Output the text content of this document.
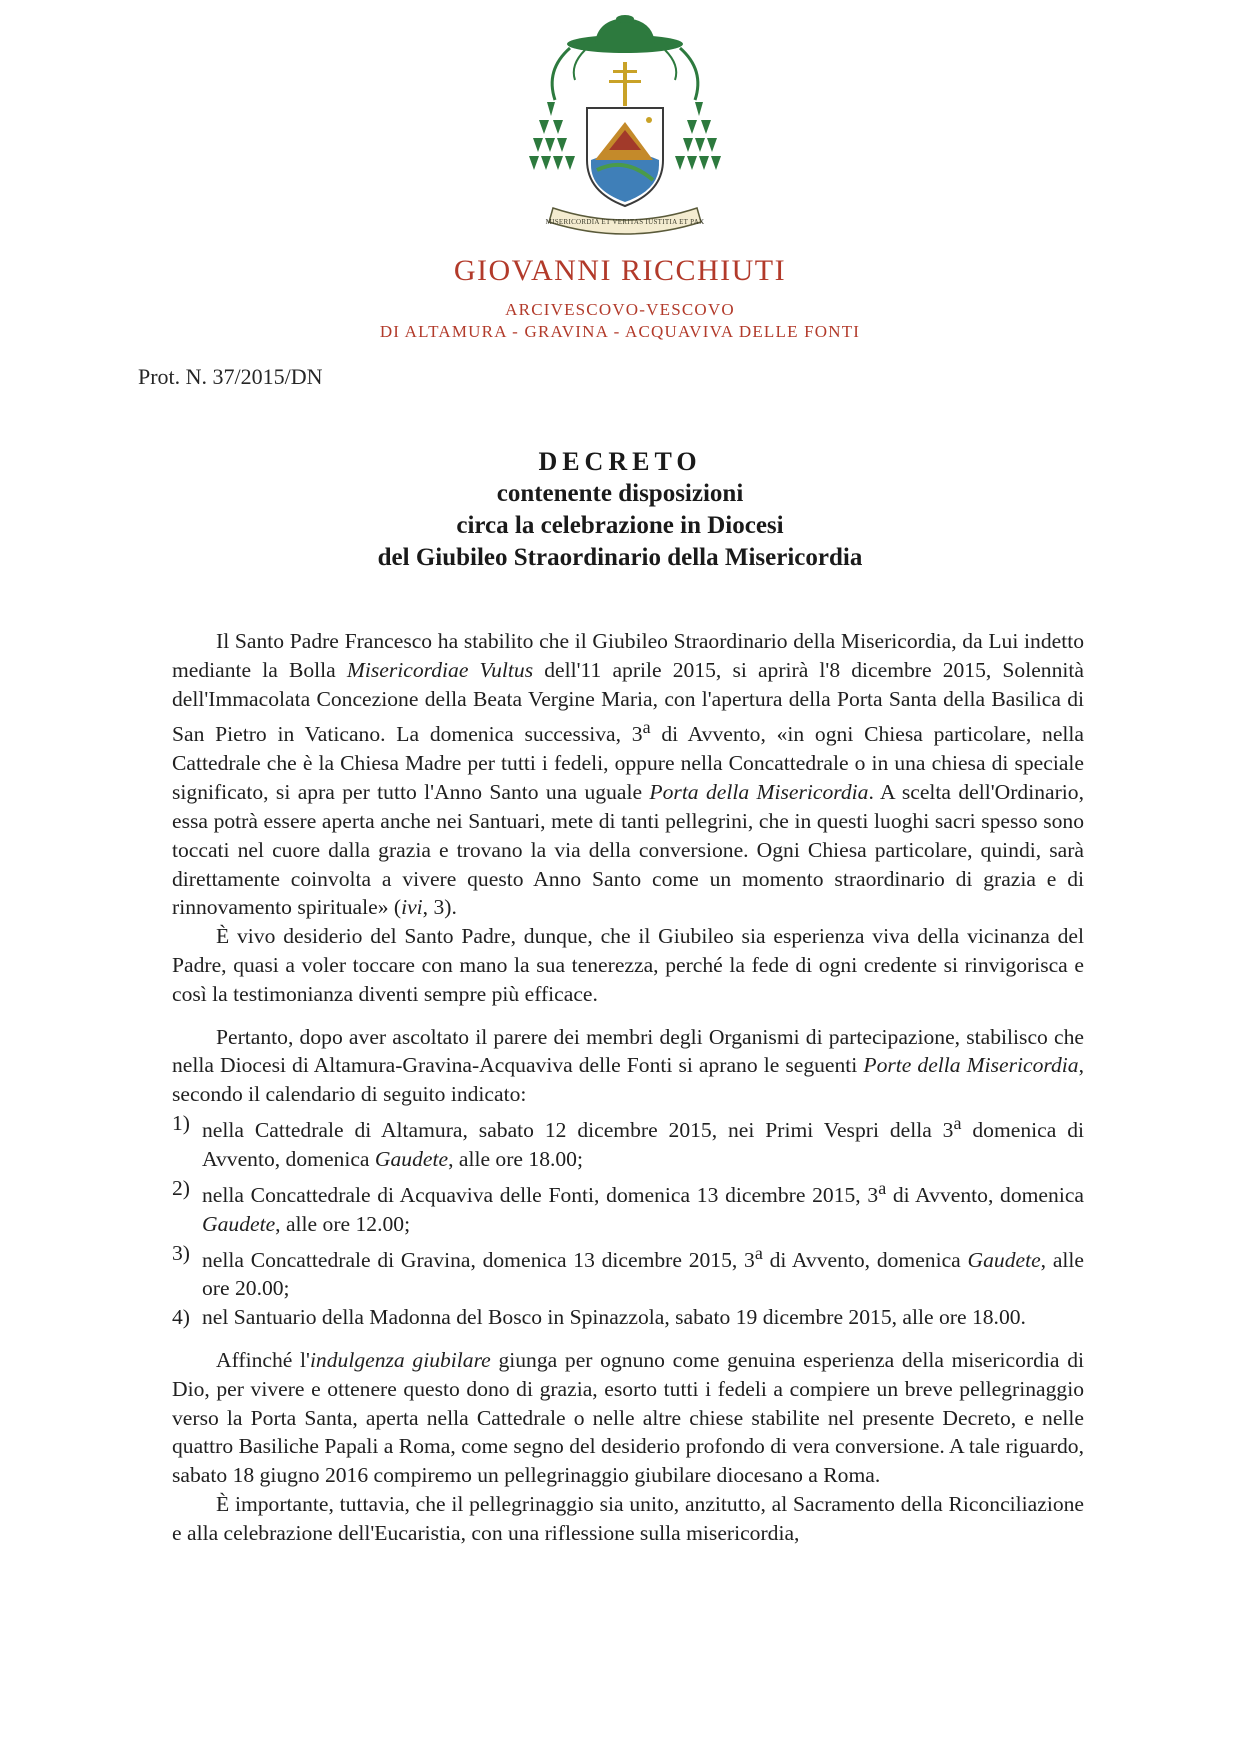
MISERICORDIA ET VERITAS IUSTITIA ET PAX
GIOVANNI RICCHIUTI
ARCIVESCOVO-VESCOVO
DI ALTAMURA - GRAVINA - ACQUAVIVA DELLE FONTI
Prot. N. 37/2015/DN

DECRETO

contenente disposizioni

circa la celebrazione in Diocesi

del Giubileo Straordinario della Misericordia

Il Santo Padre Francesco ha stabilito che il Giubileo Straordinario della Misericordia, da Lui indetto mediante la Bolla Misericordiae Vultus dell'11 aprile 2015, si aprirà l'8 dicembre 2015, Solennità dell'Immacolata Concezione della Beata Vergine Maria, con l'apertura della Porta Santa della Basilica di San Pietro in Vaticano. La domenica successiva, 3$^a$ di Avvento, «in ogni Chiesa particolare, nella Cattedrale che è la Chiesa Madre per tutti i fedeli, oppure nella Concattedrale o in una chiesa di speciale significato, si apra per tutto l'Anno Santo una uguale Porta della Misericordia. A scelta dell'Ordinario, essa potrà essere aperta anche nei Santuari, mete di tanti pellegrini, che in questi luoghi sacri spesso sono toccati nel cuore dalla grazia e trovano la via della conversione. Ogni Chiesa particolare, quindi, sarà direttamente coinvolta a vivere questo Anno Santo come un momento straordinario di grazia e di rinnovamento spirituale» (ivi, 3).

È vivo desiderio del Santo Padre, dunque, che il Giubileo sia esperienza viva della vicinanza del Padre, quasi a voler toccare con mano la sua tenerezza, perché la fede di ogni credente si rinvigorisca e così la testimonianza diventi sempre più efficace.

Pertanto, dopo aver ascoltato il parere dei membri degli Organismi di partecipazione, stabilisco che nella Diocesi di Altamura-Gravina-Acquaviva delle Fonti si aprano le seguenti Porte della Misericordia, secondo il calendario di seguito indicato:

1) nella Cattedrale di Altamura, sabato 12 dicembre 2015, nei Primi Vespri della 3$^a$ domenica di Avvento, domenica Gaudete, alle ore 18.00;
2) nella Concattedrale di Acquaviva delle Fonti, domenica 13 dicembre 2015, 3$^a$ di Avvento, domenica Gaudete, alle ore 12.00;
3) nella Concattedrale di Gravina, domenica 13 dicembre 2015, 3$^a$ di Avvento, domenica Gaudete, alle ore 20.00;
4) nel Santuario della Madonna del Bosco in Spinazzola, sabato 19 dicembre 2015, alle ore 18.00.

Affinché l'indulgenza giubilare giunga per ognuno come genuina esperienza della misericordia di Dio, per vivere e ottenere questo dono di grazia, esorto tutti i fedeli a compiere un breve pellegrinaggio verso la Porta Santa, aperta nella Cattedrale o nelle altre chiese stabilite nel presente Decreto, e nelle quattro Basiliche Papali a Roma, come segno del desiderio profondo di vera conversione. A tale riguardo, sabato 18 giugno 2016 compiremo un pellegrinaggio giubilare diocesano a Roma.

È importante, tuttavia, che il pellegrinaggio sia unito, anzitutto, al Sacramento della Riconciliazione e alla celebrazione dell'Eucaristia, con una riflessione sulla misericordia,
